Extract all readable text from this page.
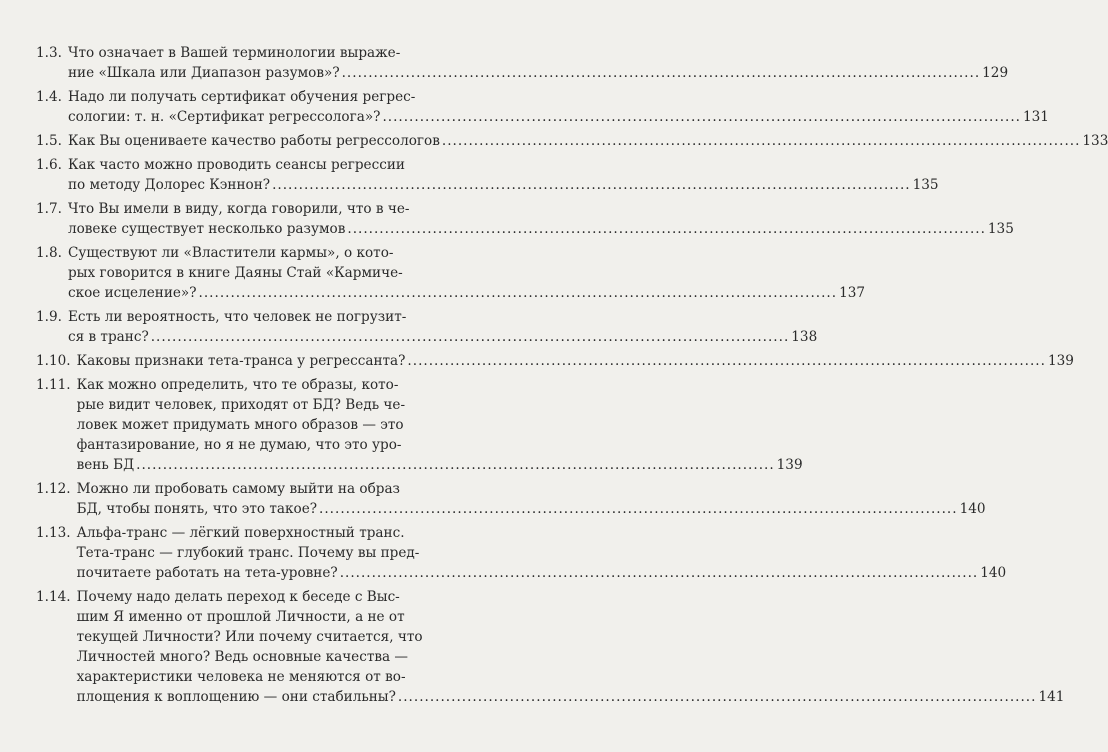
1.3. Что означает в Вашей терминологии выраже-
ние «Шкала или Диапазон разумов»? ........................................................................................................................ 129
1.4. Надо ли получать сертификат обучения регрес-
сологии: т. н. «Сертификат регрессолога»? ........................................................................................................................ 131
1.5. Как Вы оцениваете качество работы регрессологов ........................................................................................................................ 133
1.6. Как часто можно проводить сеансы регрессии
по методу Долорес Кэннон? ........................................................................................................................ 135
1.7. Что Вы имели в виду, когда говорили, что в че-
ловеке существует несколько разумов ........................................................................................................................ 135
1.8. Существуют ли «Властители кармы», о кото-
рых говорится в книге Даяны Стай «Кармиче-
ское исцеление»? ........................................................................................................................ 137
1.9. Есть ли вероятность, что человек не погрузит-
ся в транс? ........................................................................................................................ 138
1.10. Каковы признаки тета-транса у регрессанта? ........................................................................................................................ 139
1.11. Как можно определить, что те образы, кото-
рые видит человек, приходят от БД? Ведь че-
ловек может придумать много образов — это
фантазирование, но я не думаю, что это уро-
вень БД ........................................................................................................................ 139
1.12. Можно ли пробовать самому выйти на образ
БД, чтобы понять, что это такое? ........................................................................................................................ 140
1.13. Альфа-транс — лёгкий поверхностный транс.
Тета-транс — глубокий транс. Почему вы пред-
почитаете работать на тета-уровне? ........................................................................................................................ 140
1.14. Почему надо делать переход к беседе с Выс-
шим Я именно от прошлой Личности, а не от
текущей Личности? Или почему считается, что
Личностей много? Ведь основные качества —
характеристики человека не меняются от во-
площения к воплощению — они стабильны? ........................................................................................................................ 141
